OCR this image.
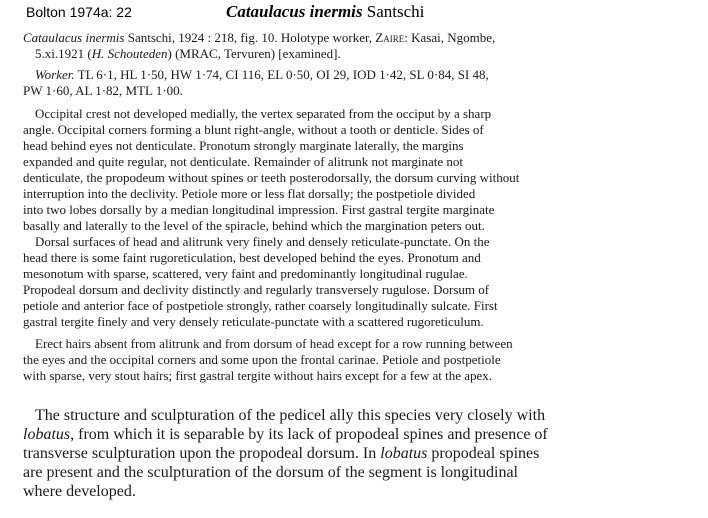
Bolton 1974a: 22	Cataulacus inermis Santschi
Cataulacus inermis Santschi, 1924 : 218, fig. 10. Holotype worker, Zaire: Kasai, Ngombe,
5.xi.1921 (H. Schouteden) (MRAC, Tervuren) [examined].
Worker. TL 6·1, HL 1·50, HW 1·74, CI 116, EL 0·50, OI 29, IOD 1·42, SL 0·84, SI 48,
PW 1·60, AL 1·82, MTL 1·00.
Occipital crest not developed medially, the vertex separated from the occiput by a sharp
angle. Occipital corners forming a blunt right-angle, without a tooth or denticle. Sides of
head behind eyes not denticulate. Pronotum strongly marginate laterally, the margins
expanded and quite regular, not denticulate. Remainder of alitrunk not marginate not
denticulate, the propodeum without spines or teeth posterodorsally, the dorsum curving without
interruption into the declivity. Petiole more or less flat dorsally; the postpetiole divided
into two lobes dorsally by a median longitudinal impression. First gastral tergite marginate
basally and laterally to the level of the spiracle, behind which the margination peters out.
Dorsal surfaces of head and alitrunk very finely and densely reticulate-punctate. On the
head there is some faint rugoreticulation, best developed behind the eyes. Pronotum and
mesonotum with sparse, scattered, very faint and predominantly longitudinal rugulae.
Propodeal dorsum and declivity distinctly and regularly transversely rugulose. Dorsum of
petiole and anterior face of postpetiole strongly, rather coarsely longitudinally sulcate. First
gastral tergite finely and very densely reticulate-punctate with a scattered rugoreticulum.
Erect hairs absent from alitrunk and from dorsum of head except for a row running between
the eyes and the occipital corners and some upon the frontal carinae. Petiole and postpetiole
with sparse, very stout hairs; first gastral tergite without hairs except for a few at the apex.
The structure and sculpturation of the pedicel ally this species very closely with
lobatus, from which it is separable by its lack of propodeal spines and presence of
transverse sculpturation upon the propodeal dorsum. In lobatus propodeal spines
are present and the sculpturation of the dorsum of the segment is longitudinal
where developed.
